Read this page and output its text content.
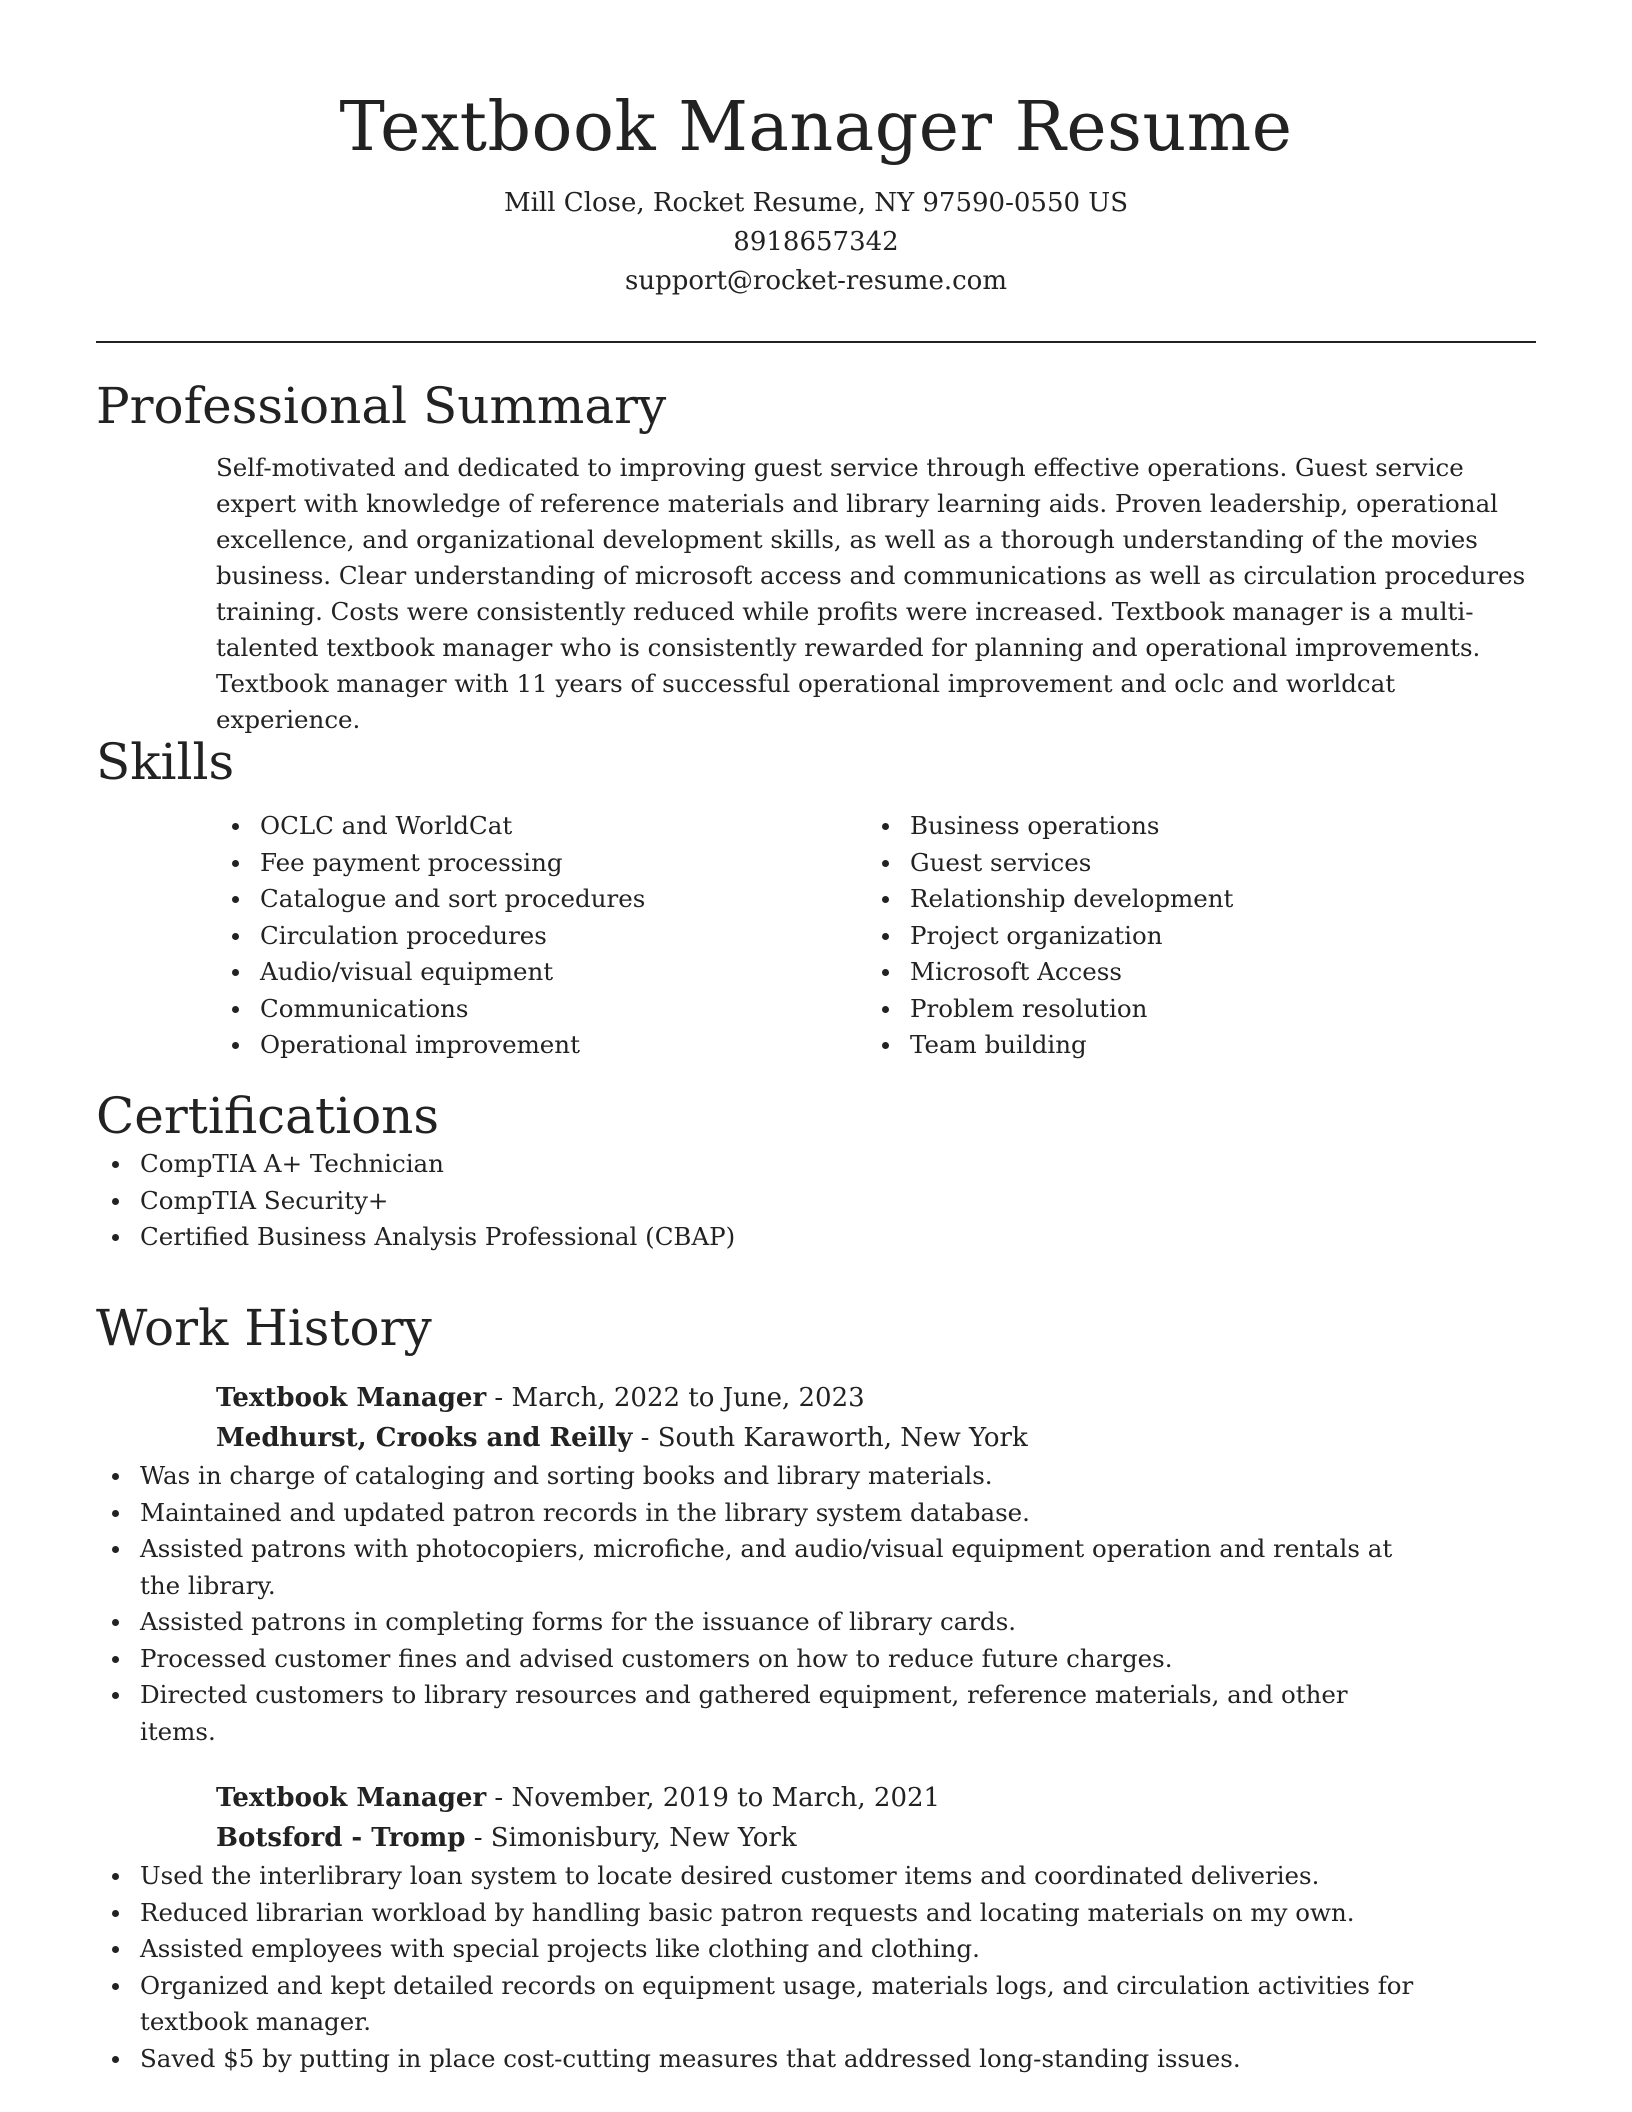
Textbook Manager Resume
Mill Close, Rocket Resume, NY 97590-0550 US
8918657342
support@rocket-resume.com
Professional Summary
Self-motivated and dedicated to improving guest service through effective operations. Guest service expert with knowledge of reference materials and library learning aids. Proven leadership, operational excellence, and organizational development skills, as well as a thorough understanding of the movies business. Clear understanding of microsoft access and communications as well as circulation procedures training. Costs were consistently reduced while profits were increased. Textbook manager is a multi-talented textbook manager who is consistently rewarded for planning and operational improvements. Textbook manager with 11 years of successful operational improvement and oclc and worldcat experience.
Skills
OCLC and WorldCat
Fee payment processing
Catalogue and sort procedures
Circulation procedures
Audio/visual equipment
Communications
Operational improvement
Business operations
Guest services
Relationship development
Project organization
Microsoft Access
Problem resolution
Team building
Certifications
CompTIA A+ Technician
CompTIA Security+
Certified Business Analysis Professional (CBAP)
Work History
Textbook Manager - March, 2022 to June, 2023
Medhurst, Crooks and Reilly - South Karaworth, New York
Was in charge of cataloging and sorting books and library materials.
Maintained and updated patron records in the library system database.
Assisted patrons with photocopiers, microfiche, and audio/visual equipment operation and rentals at the library.
Assisted patrons in completing forms for the issuance of library cards.
Processed customer fines and advised customers on how to reduce future charges.
Directed customers to library resources and gathered equipment, reference materials, and other items.
Textbook Manager - November, 2019 to March, 2021
Botsford - Tromp - Simonisbury, New York
Used the interlibrary loan system to locate desired customer items and coordinated deliveries.
Reduced librarian workload by handling basic patron requests and locating materials on my own.
Assisted employees with special projects like clothing and clothing.
Organized and kept detailed records on equipment usage, materials logs, and circulation activities for textbook manager.
Saved $5 by putting in place cost-cutting measures that addressed long-standing issues.
